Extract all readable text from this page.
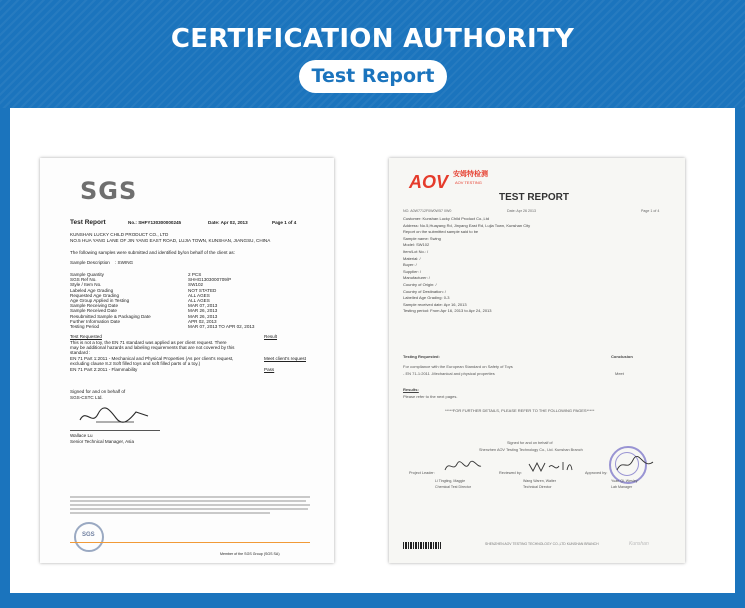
CERTIFICATION AUTHORITY
Test Report
SGS
Test Report	No.: SHFY130300000245	Date: Apr 02, 2013	Page 1 of 4
KUNSHAN LUCKY CHILD PRODUCT CO., LTD
NO.5 HUA YANG LANE OF JIN YANG EAST ROAD, LUJIA TOWN, KUNSHAN, JIANGSU, CHINA
The following samples were submitted and identified by/on behalf of the client as:
Sample Description : SWING
Sample Quantity	2 PCS
SGS Ref No.	SHHG1303000709/P
Style / Item No.	SW102
Labeled Age Grading	NOT STATED
Requested Age Grading	ALL AGES
Age Group Applied in Testing	ALL AGES
Sample Receiving Date	MAR 07, 2013
Sample Received Date	MAR 26, 2013
Resubmitted Sample & Packaging Date	MAR 26, 2013
Further Information Date	APR 02, 2013
Testing Period	MAR 07, 2013 TO APR 02, 2013
Test Requested	Result
This is not a toy, the EN 71 standard was applied as per client request. There
may be additional hazards and labeling requirements that are not covered by this
standard :
EN 71 Part 1:2011 - Mechanical and Physical Properties (As per client's request,	Meet client's request
excluding clause 8.2 Soft filled toys and soft filled parts of a toy.)
EN 71 Part 2:2011 - Flammability	Pass
Signed for and on behalf of
SGS-CSTC Ltd.
Wallace Lu
Senior Technical Manager, Asia
SGS
Member of the SGS Group (SGS SA)
AOV 安姆特检测
AOV TESTING
TEST REPORT
NO. A0W7712F0W0W57 0W0	Date: Apr 26 2013	Page 1 of 4
Customer: Kunshan Lucky Child Product Co.,Ltd
Address: No.5,Huayang Rd, Jinyang East Rd, Lujia Town, Kunshan City
Report on the submitted sample said to be
Sample name: Swing
Model: SW102
Item/Lot No.: /
Material: /
Buyer: /
Supplier: /
Manufacturer: /
Country of Origin: /
Country of Destination: /
Labelled Age Grading: 0-3
Sample received date: Apr 16, 2013
Testing period: From Apr 16, 2013 to Apr 24, 2013
Testing Requested:	Conclusion
For compliance with the European Standard on Safety of Toys
- EN 71-1:2011 -Mechanical and physical properties	Meet
Results:
Please refer to the next pages.
*****FOR FURTHER DETAILS, PLEASE REFER TO THE FOLLOWING PAGES*****
Signed for and on behalf of
Shenzhen AOV Testing Technology Co., Ltd. Kunshan Branch
Project Leader:
Li Tingting, Maggie
Chemical Test Director
Reviewed by:
Wang Waren, Walter
Technical Director
Approved by:
Yuan Qi, Wesley
Lab Manager
SHENZHEN AOV TESTING TECHNOLOGY CO.,LTD KUNSHAN BRANCH	Kunshan
